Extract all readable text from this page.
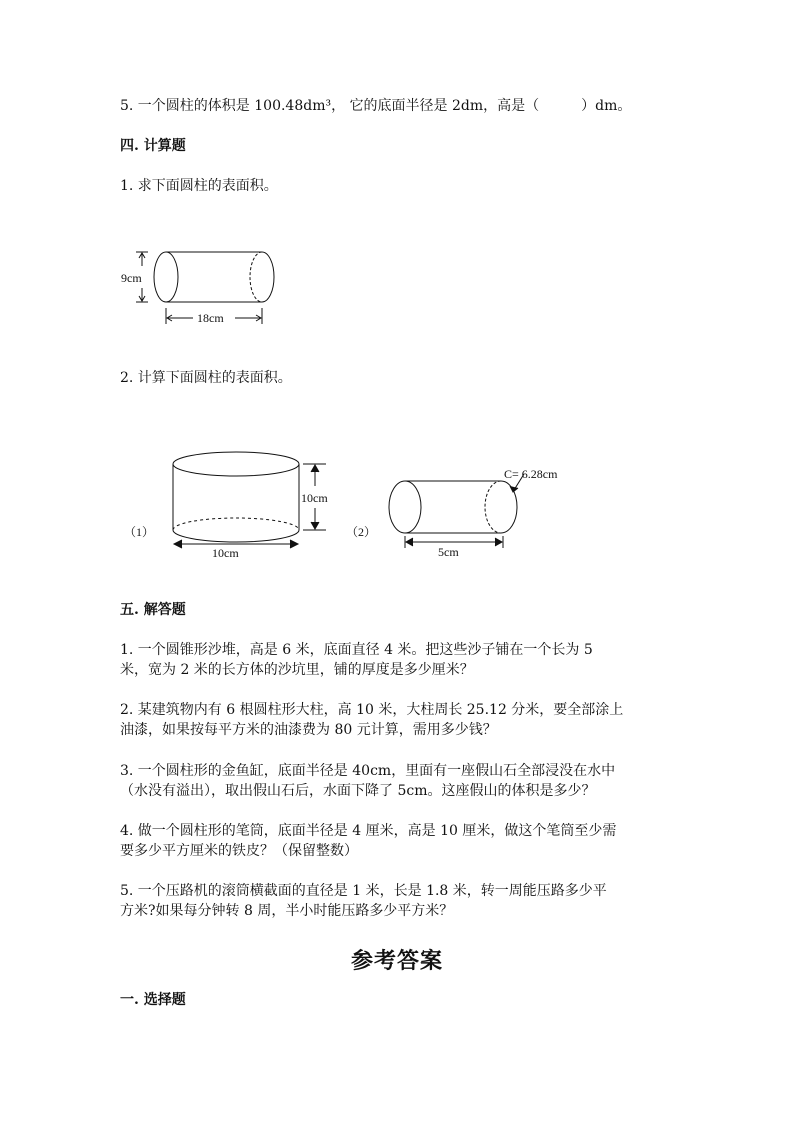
5. 一个圆柱的体积是 100.48dm³， 它的底面半径是 2dm，高是（　　　）dm。
四. 计算题
1. 求下面圆柱的表面积。
9cm
18cm
2. 计算下面圆柱的表面积。
（1）
10cm
10cm
（2）
C= 6.28cm
5cm
五. 解答题
1. 一个圆锥形沙堆，高是 6 米，底面直径 4 米。把这些沙子铺在一个长为 5
米，宽为 2 米的长方体的沙坑里，铺的厚度是多少厘米？
2. 某建筑物内有 6 根圆柱形大柱，高 10 米，大柱周长 25.12 分米，要全部涂上
油漆，如果按每平方米的油漆费为 80 元计算，需用多少钱？
3. 一个圆柱形的金鱼缸，底面半径是 40cm，里面有一座假山石全部浸没在水中
（水没有溢出），取出假山石后，水面下降了 5cm。这座假山的体积是多少？
4. 做一个圆柱形的笔筒，底面半径是 4 厘米，高是 10 厘米，做这个笔筒至少需
要多少平方厘米的铁皮？（保留整数）
5. 一个压路机的滚筒横截面的直径是 1 米，长是 1.8 米，转一周能压路多少平
方米?如果每分钟转 8 周，半小时能压路多少平方米？
参考答案
一. 选择题
